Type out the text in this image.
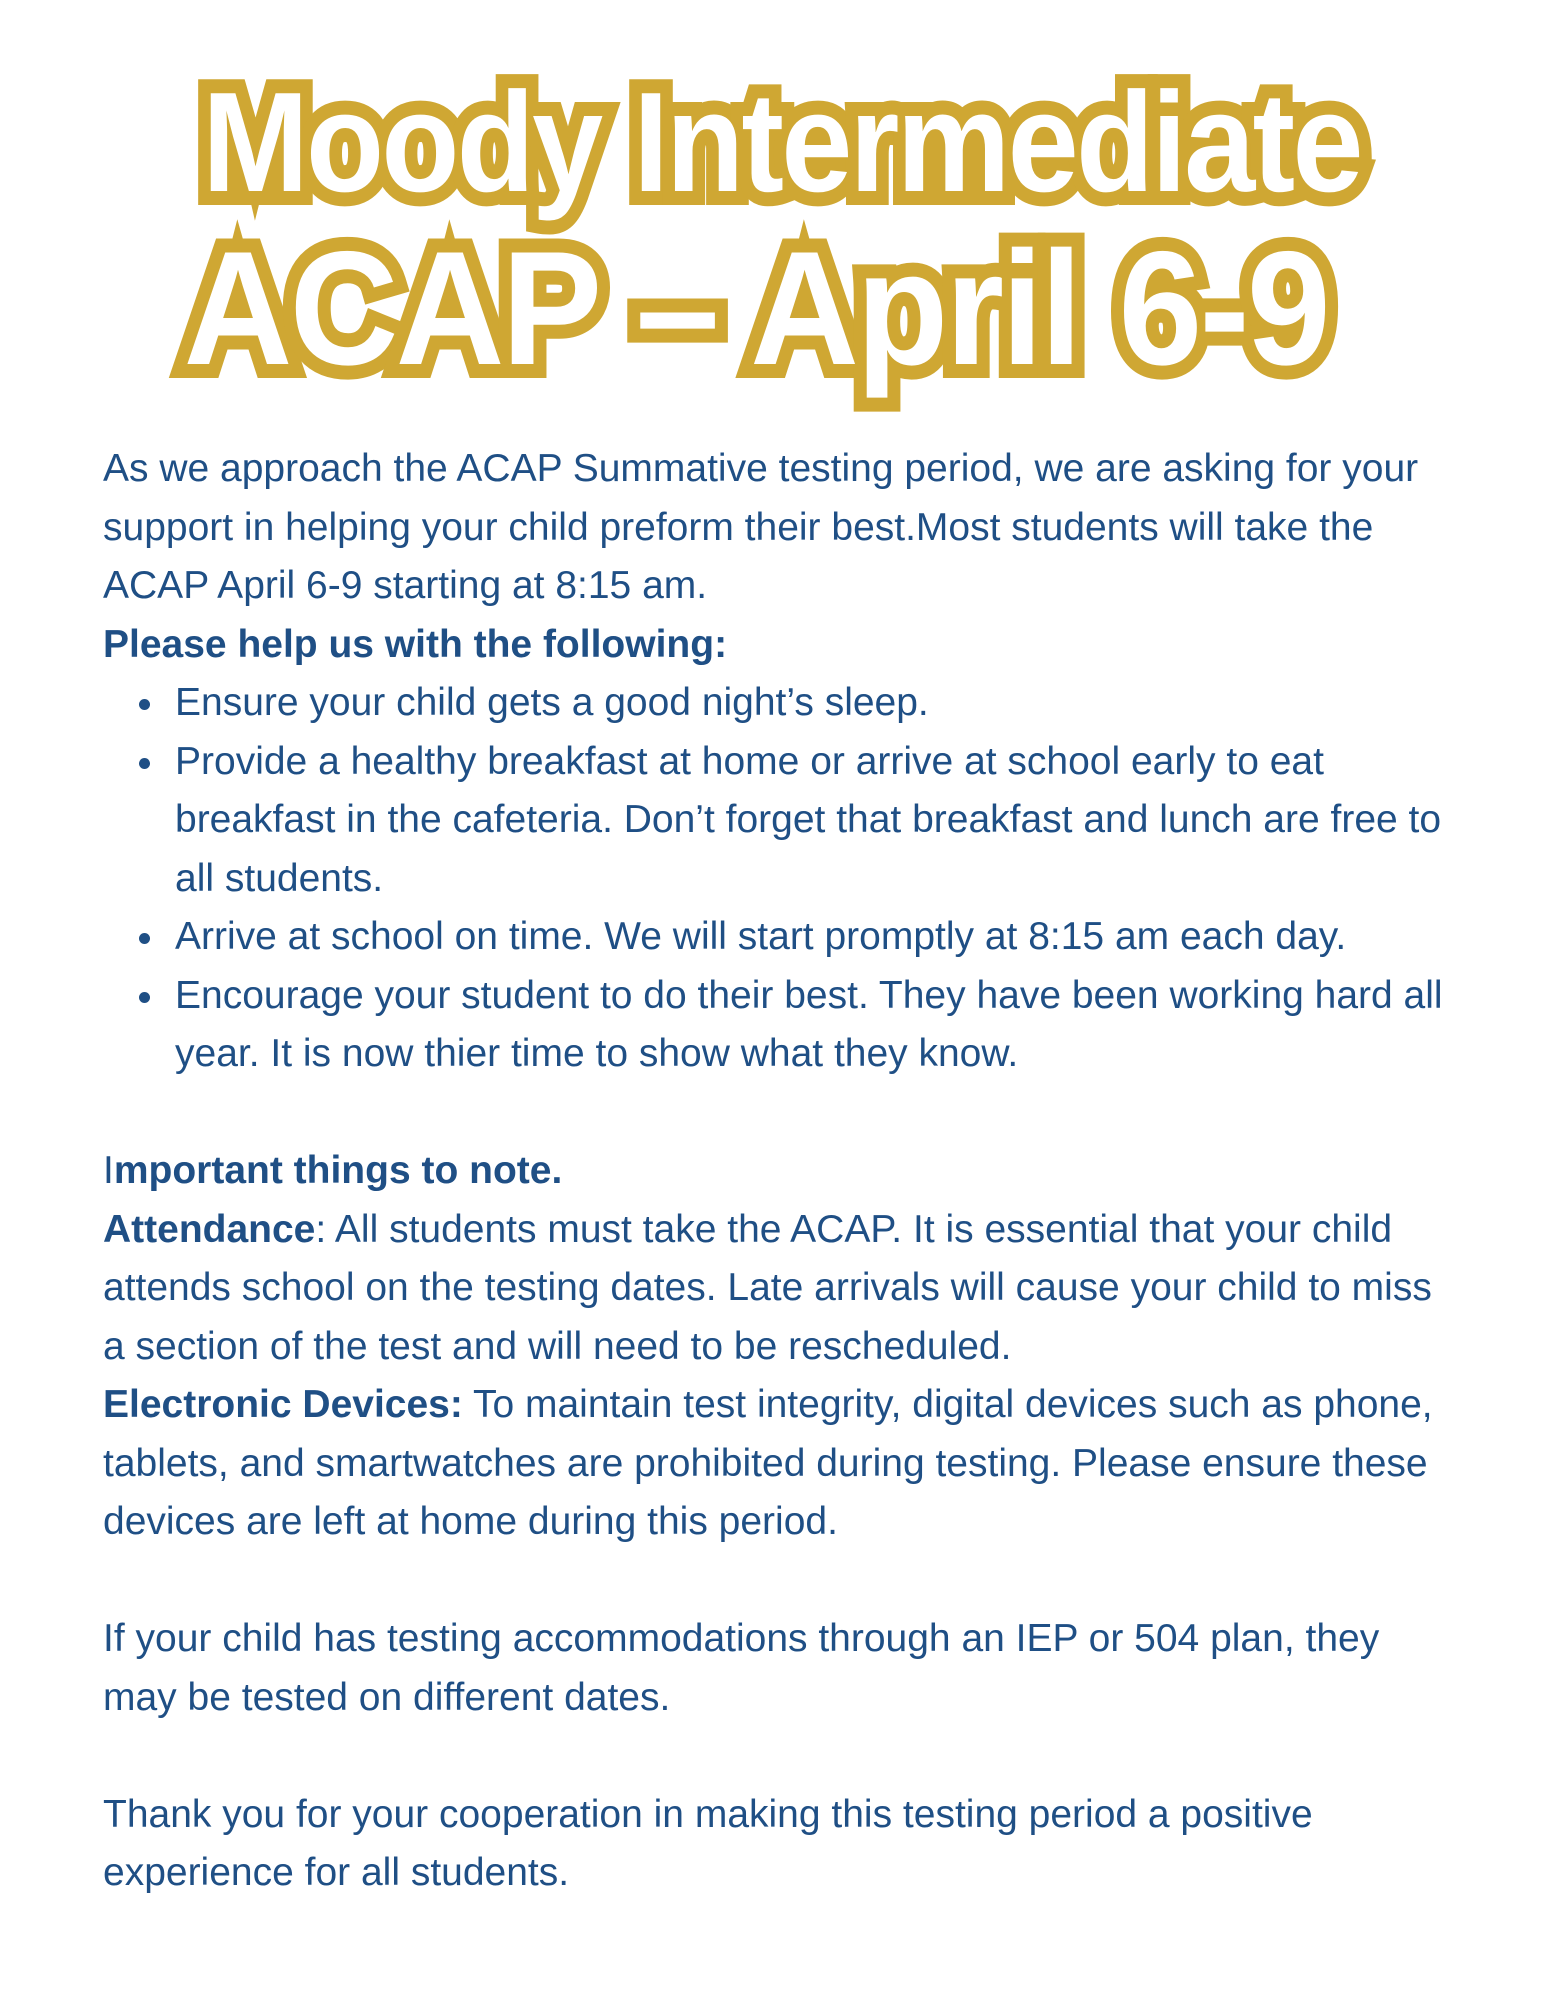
Moody Intermediate
ACAP – April 6-9

As we approach the ACAP Summative testing period, we are asking for your support in helping your child preform their best.Most students will take the ACAP April 6-9 starting at 8:15 am.

Please help us with the following:

Ensure your child gets a good night’s sleep.
Provide a healthy breakfast at home or arrive at school early to eat breakfast in the cafeteria. Don’t forget that breakfast and lunch are free to all students.
Arrive at school on time. We will start promptly at 8:15 am each day.
Encourage your student to do their best. They have been working hard all year. It is now thier time to show what they know.

Important things to note.

Attendance: All students must take the ACAP. It is essential that your child attends school on the testing dates. Late arrivals will cause your child to miss a section of the test and will need to be rescheduled.

Electronic Devices: To maintain test integrity, digital devices such as phone, tablets, and smartwatches are prohibited during testing. Please ensure these devices are left at home during this period.

If your child has testing accommodations through an IEP or 504 plan, they may be tested on different dates.

Thank you for your cooperation in making this testing period a positive experience for all students.
